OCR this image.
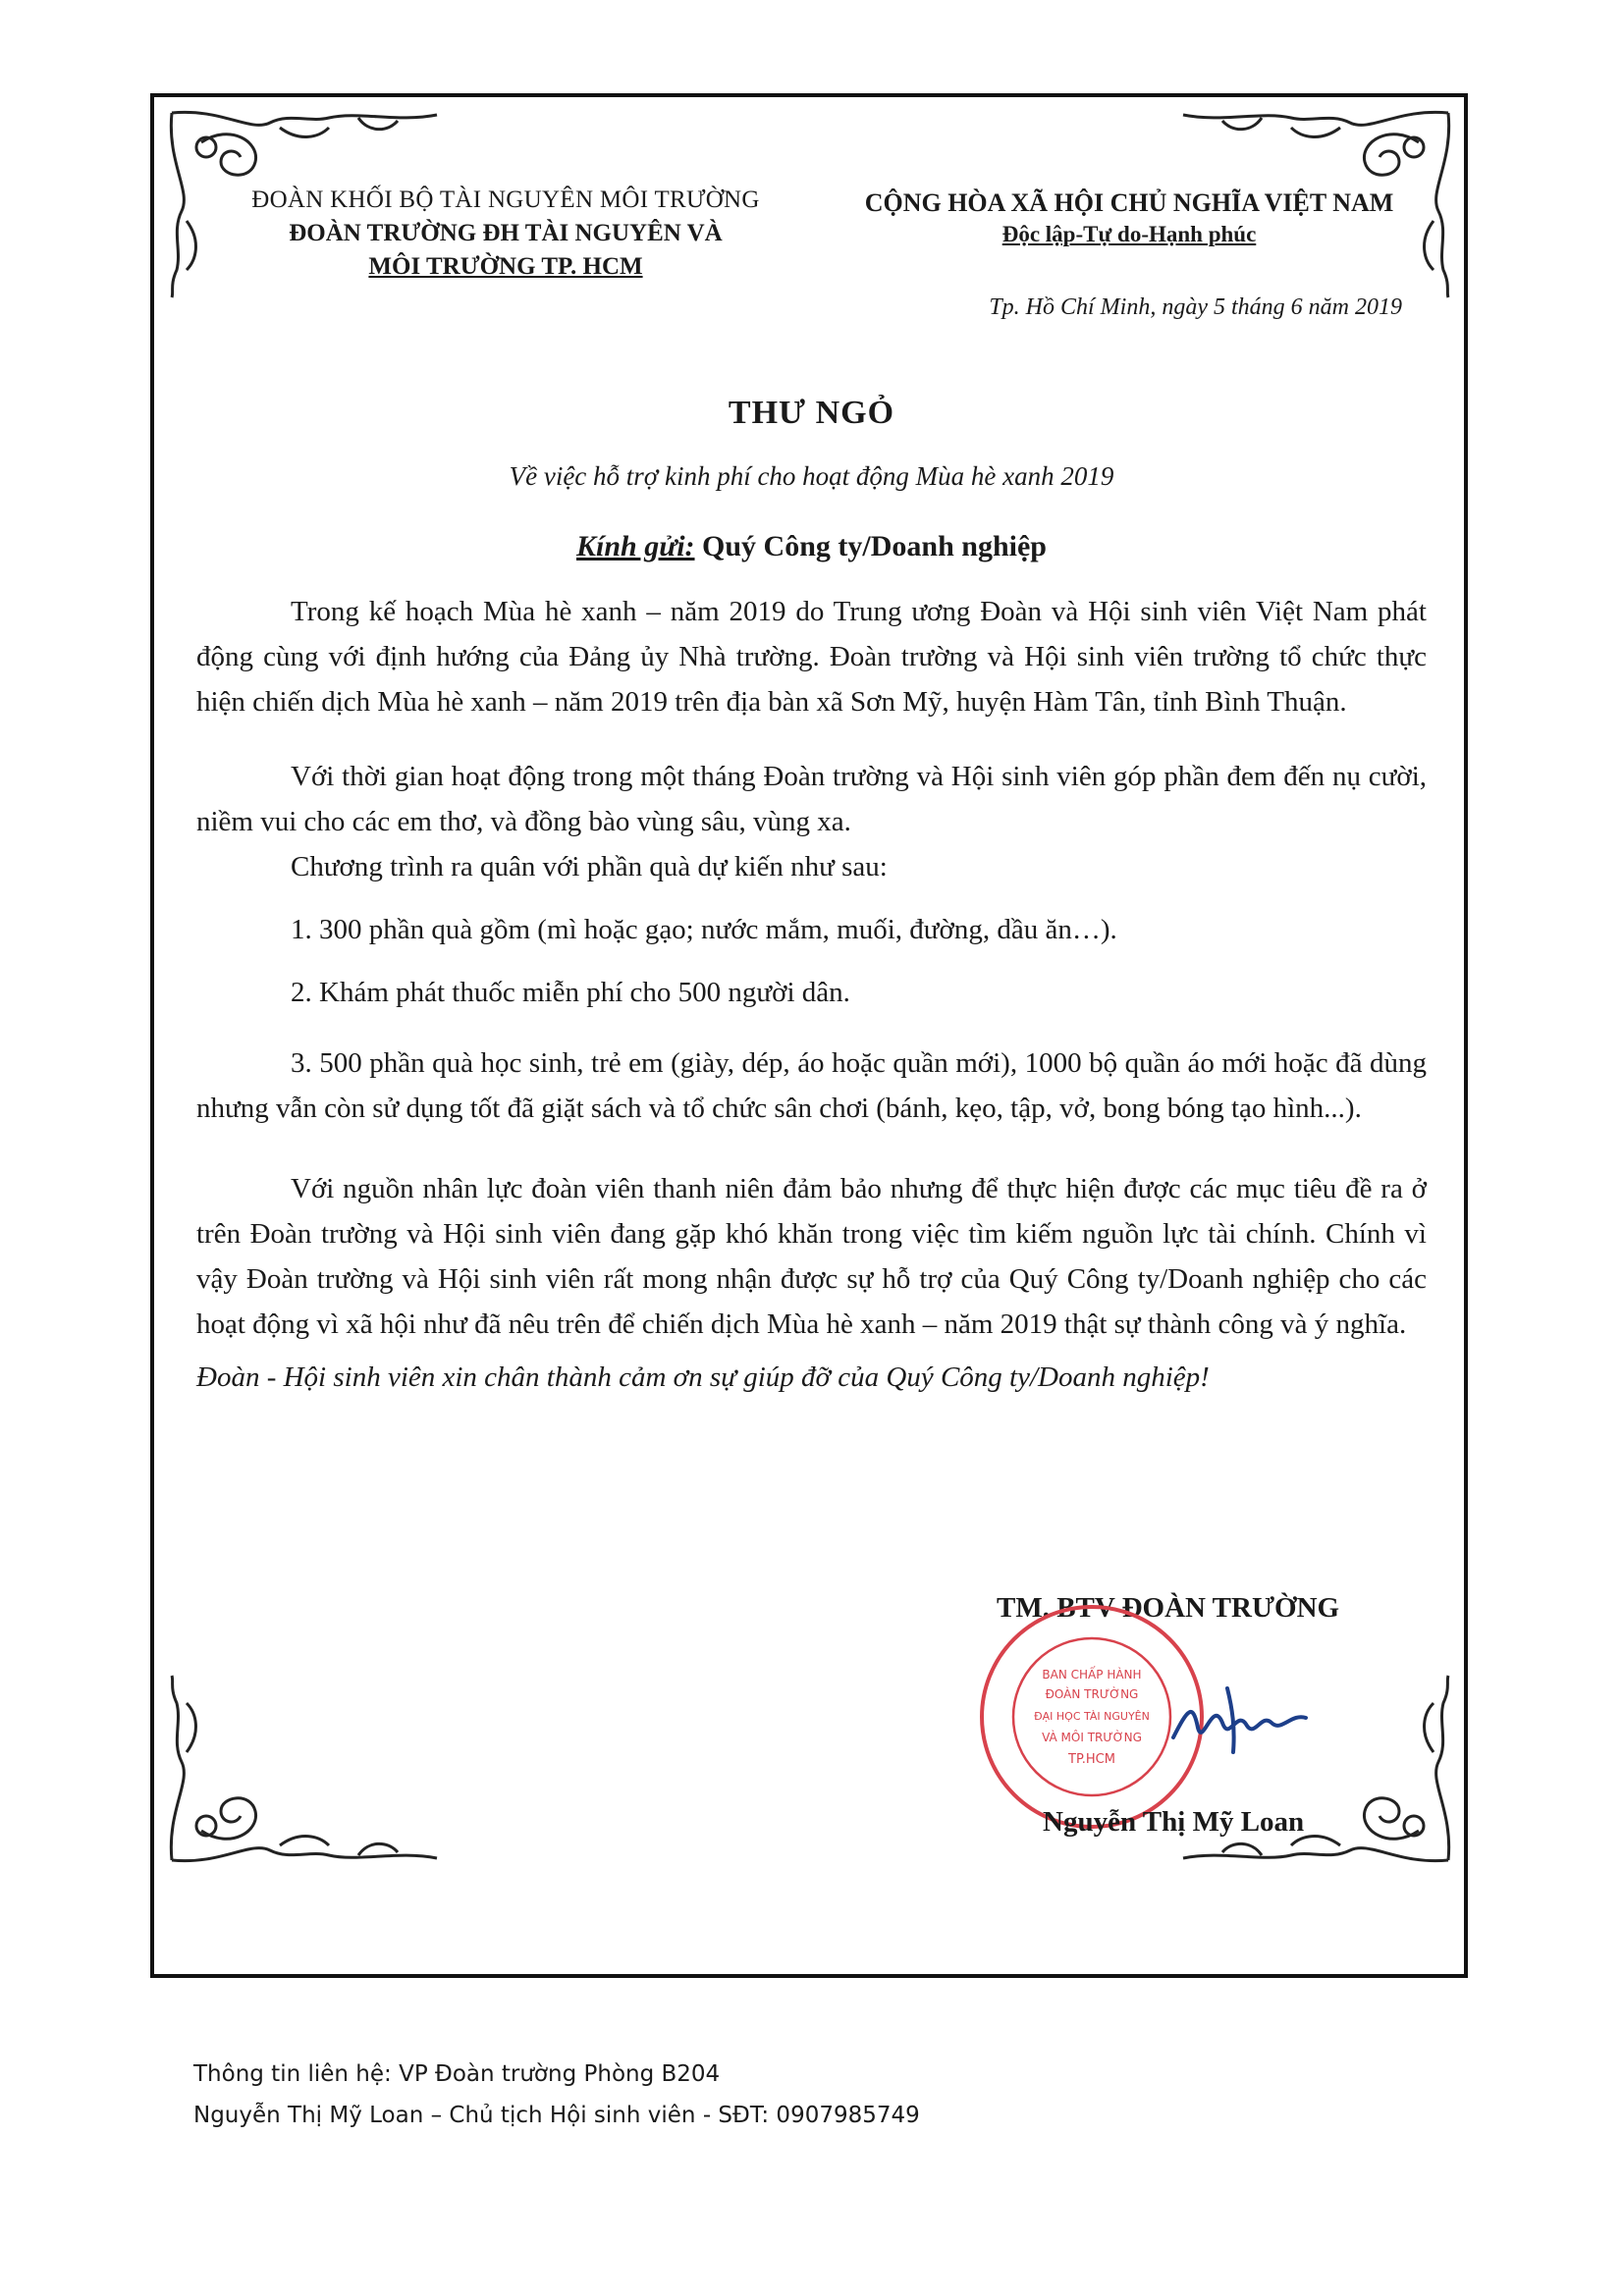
ĐOÀN KHỐI BỘ TÀI NGUYÊN MÔI TRƯỜNG
ĐOÀN TRƯỜNG ĐH TÀI NGUYÊN VÀ
MÔI TRƯỜNG TP. HCM
CỘNG HÒA XÃ HỘI CHỦ NGHĨA VIỆT NAM
Độc lập-Tự do-Hạnh phúc
Tp. Hồ Chí Minh, ngày 5 tháng 6 năm 2019
THƯ NGỎ
Về việc hỗ trợ kinh phí cho hoạt động Mùa hè xanh 2019
Kính gửi: Quý Công ty/Doanh nghiệp

Trong kế hoạch Mùa hè xanh – năm 2019 do Trung ương Đoàn và Hội sinh viên Việt Nam phát động cùng với định hướng của Đảng ủy Nhà trường. Đoàn trường và Hội sinh viên trường tổ chức thực hiện chiến dịch Mùa hè xanh – năm 2019 trên địa bàn xã Sơn Mỹ, huyện Hàm Tân, tỉnh Bình Thuận.

Với thời gian hoạt động trong một tháng Đoàn trường và Hội sinh viên góp phần đem đến nụ cười, niềm vui cho các em thơ, và đồng bào vùng sâu, vùng xa.

Chương trình ra quân với phần quà dự kiến như sau:

1. 300 phần quà gồm (mì hoặc gạo; nước mắm, muối, đường, dầu ăn…).

2. Khám phát thuốc miễn phí cho 500 người dân.

3. 500 phần quà học sinh, trẻ em (giày, dép, áo hoặc quần mới), 1000 bộ quần áo mới hoặc đã dùng nhưng vẫn còn sử dụng tốt đã giặt sách và tổ chức sân chơi (bánh, kẹo, tập, vở, bong bóng tạo hình...).

Với nguồn nhân lực đoàn viên thanh niên đảm bảo nhưng để thực hiện được các mục tiêu đề ra ở trên Đoàn trường và Hội sinh viên đang gặp khó khăn trong việc tìm kiếm nguồn lực tài chính. Chính vì vậy Đoàn trường và Hội sinh viên rất mong nhận được sự hỗ trợ của Quý Công ty/Doanh nghiệp cho các hoạt động vì xã hội như đã nêu trên để chiến dịch Mùa hè xanh – năm 2019 thật sự thành công và ý nghĩa.

Đoàn - Hội sinh viên xin chân thành cảm ơn sự giúp đỡ của Quý Công ty/Doanh nghiệp!

TM. BTV ĐOÀN TRƯỜNG
BAN CHẤP HÀNH
ĐOÀN TRƯỜNG
ĐẠI HỌC TÀI NGUYÊN
VÀ MÔI TRƯỜNG
TP.HCM
Nguyễn Thị Mỹ Loan
Thông tin liên hệ: VP Đoàn trường Phòng B204
Nguyễn Thị Mỹ Loan – Chủ tịch Hội sinh viên - SĐT: 0907985749
